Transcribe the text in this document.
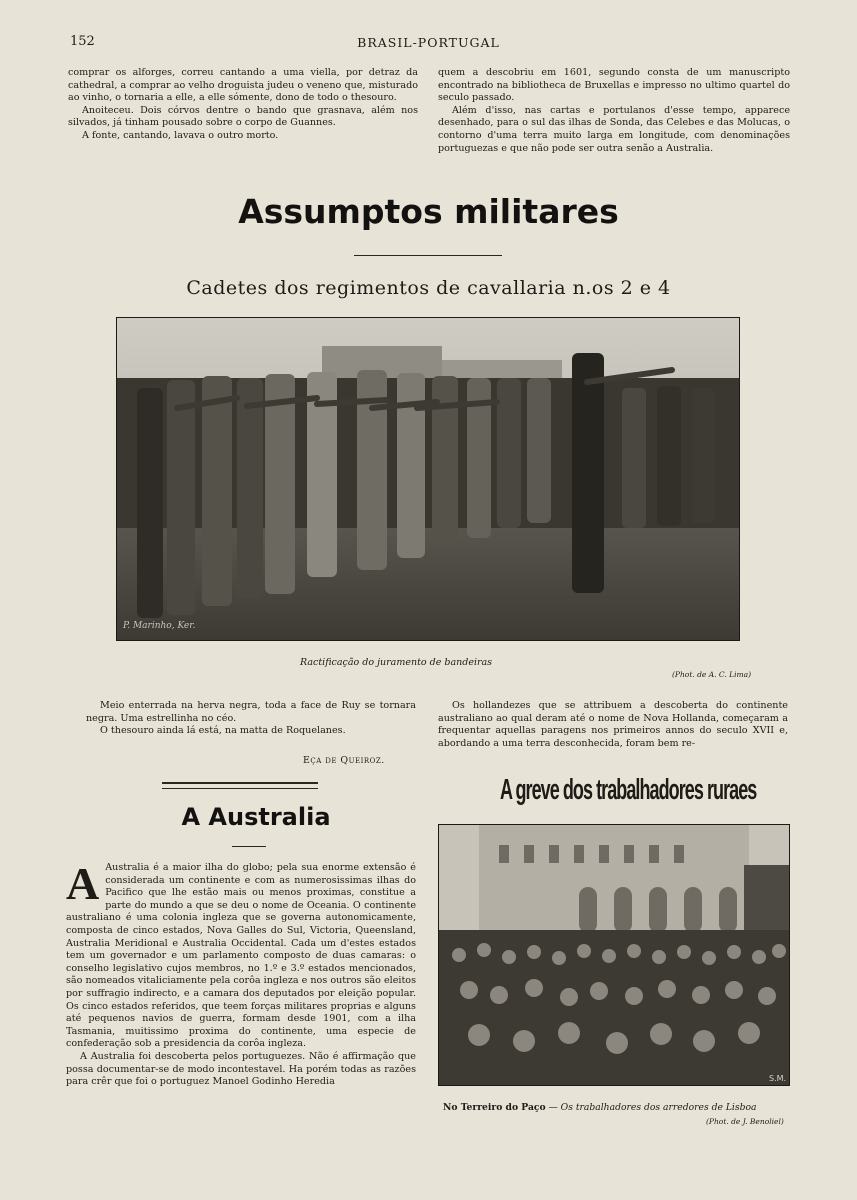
152	BRASIL-PORTUGAL

comprar os alforges, correu cantando a uma viella, por detraz da cathedral, a comprar ao velho droguista judeu o veneno que, misturado ao vinho, o tornaria a elle, a elle sómente, dono de todo o thesouro.

Anoiteceu. Dois córvos dentre o bando que grasnava, além nos silvados, já tinham pousado sobre o corpo de Guannes.

A fonte, cantando, lavava o outro morto.

quem a descobriu em 1601, segundo consta de um manuscripto encontrado na bibliotheca de Bruxellas e impresso no ultimo quartel do seculo passado.

Além d'isso, nas cartas e portulanos d'esse tempo, apparece desenhado, para o sul das ilhas de Sonda, das Celebes e das Molucas, o contorno d'uma terra muito larga em longitude, com denominações portuguezas e que não pode ser outra senão a Australia.

Assumptos militares
Cadetes dos regimentos de cavallaria n.os 2 e 4
P. Marinho, Ker.
Ractificação do juramento de bandeiras
(Phot. de A. C. Lima)

Meio enterrada na herva negra, toda a face de Ruy se tornara negra. Uma estrellinha no céo.

O thesouro ainda lá está, na matta de Roquelanes.

Eça de Queiroz.

Os hollandezes que se attribuem a descoberta do continente australiano ao qual deram até o nome de Nova Hollanda, começaram a frequentar aquellas paragens nos primeiros annos do seculo XVII e, abordando a uma terra desconhecida, foram bem re-

A Australia

A Australia é a maior ilha do globo; pela sua enorme extensão é considerada um continente e com as numerosissimas ilhas do Pacifico que lhe estão mais ou menos proximas, constitue a parte do mundo a que se deu o nome de Oceania. O continente australiano é uma colonia ingleza que se governa autonomicamente, composta de cinco estados, Nova Galles do Sul, Victoria, Queensland, Australia Meridional e Australia Occidental. Cada um d'estes estados tem um governador e um parlamento composto de duas camaras: o conselho legislativo cujos membros, no 1.º e 3.º estados mencionados, são nomeados vitaliciamente pela corôa ingleza e nos outros são eleitos por suffragio indirecto, e a camara dos deputados por eleição popular. Os cinco estados referidos, que teem forças militares proprias e alguns até pequenos navios de guerra, formam desde 1901, com a ilha Tasmania, muitissimo proxima do continente, uma especie de confederação sob a presidencia da corôa ingleza.

A Australia foi descoberta pelos portuguezes. Não é affirmação que possa documentar-se de modo incontestavel. Ha porém todas as razões para crêr que foi o portuguez Manoel Godinho Heredia

A greve dos trabalhadores ruraes
S.M.
No Terreiro do Paço — Os trabalhadores dos arredores de Lisboa
(Phot. de J. Benoliel)
